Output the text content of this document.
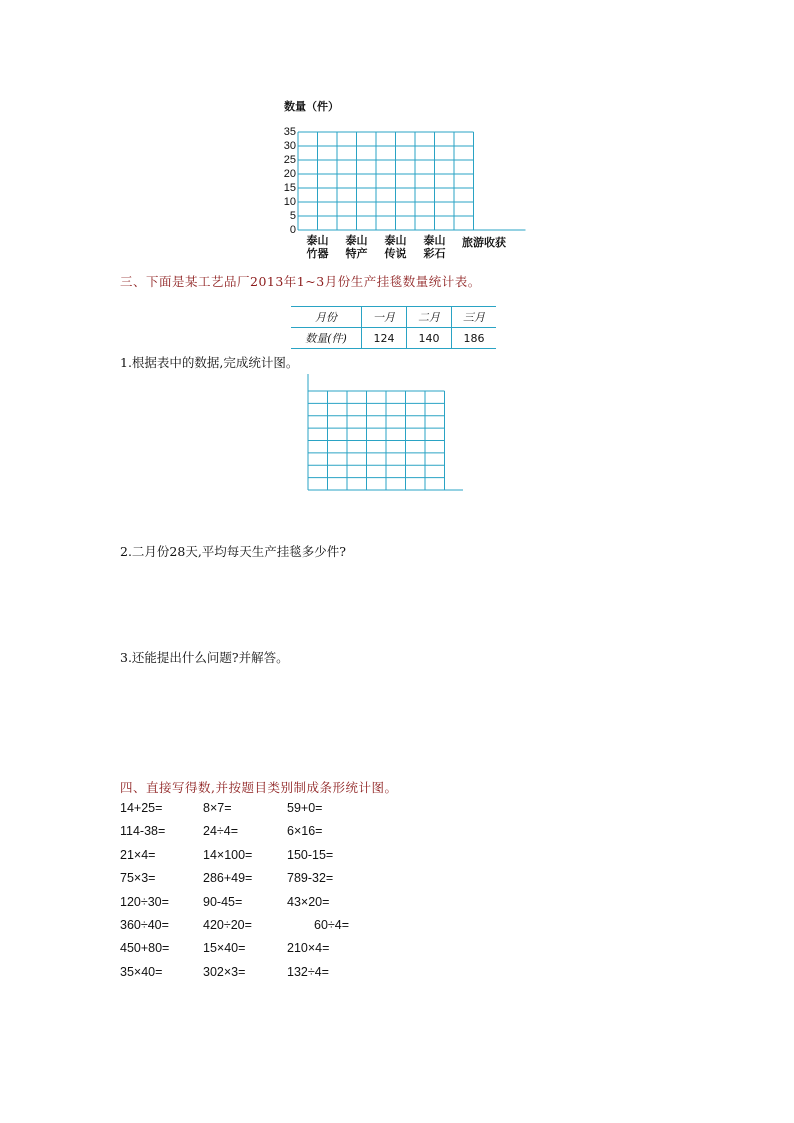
数量（件）
35
30
25
20
15
10
5
0
泰山
竹器
泰山
特产
泰山
传说
泰山
彩石
旅游收获
三、下面是某工艺品厂2013年1~3月份生产挂毯数量统计表。
月份	一月	二月	三月
数量(件)	124	140	186
1.根据表中的数据,完成统计图。
2.二月份28天,平均每天生产挂毯多少件?
3.还能提出什么问题?并解答。
四、直接写得数,并按题目类别制成条形统计图。
14+25=	8×7=	59+0=
114-38=	24÷4=	6×16=
21×4=	14×100=	150-15=
75×3=	286+49=	789-32=
120÷30=	90-45=	43×20=
360÷40=	420÷20=	60÷4=
450+80=	15×40=	210×4=
35×40=	302×3=	132÷4=
